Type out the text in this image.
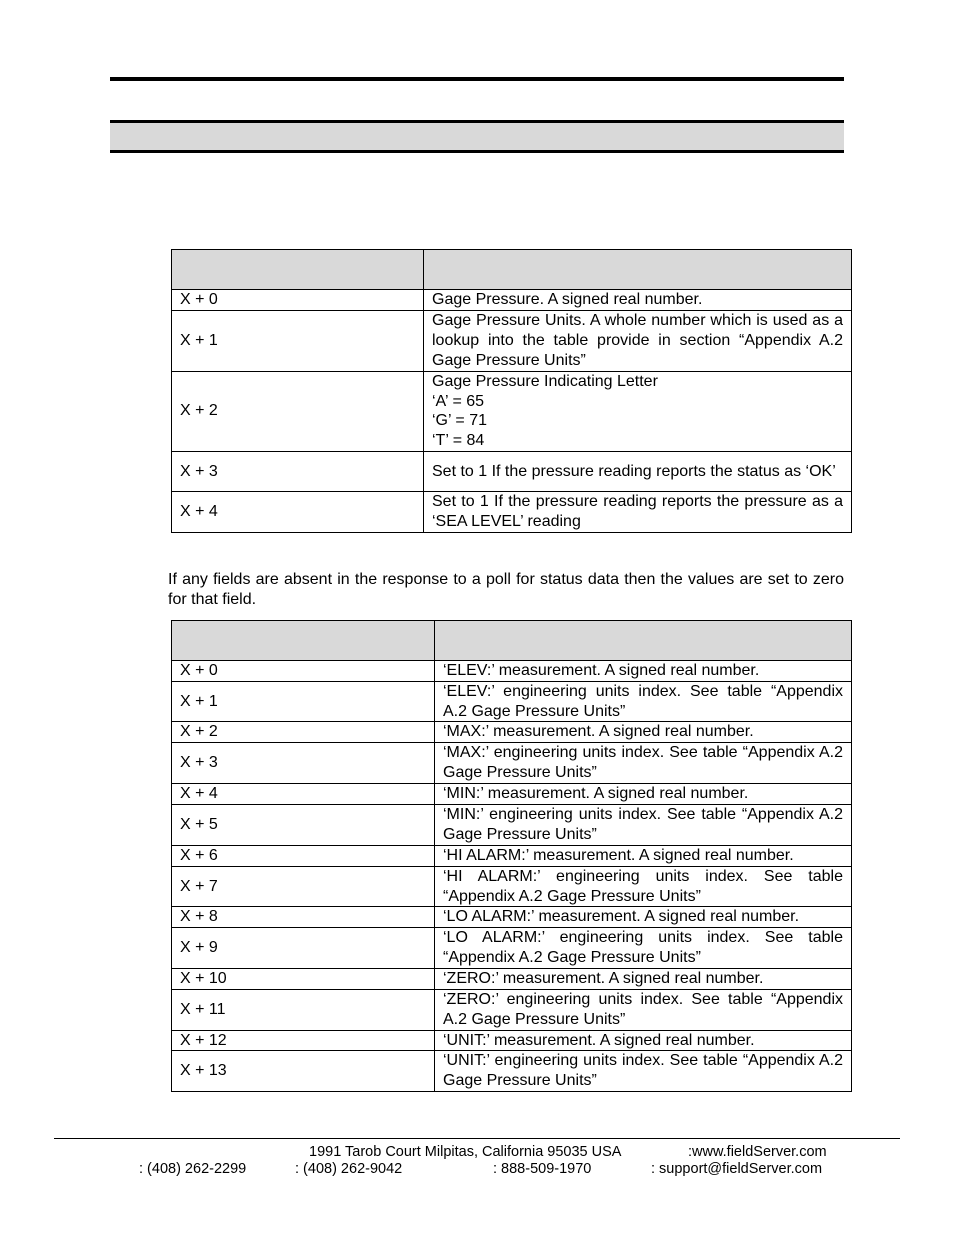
X + 0	Gage Pressure. A signed real number.

X + 1	Gage Pressure Units. A whole number which is used as a lookup into the table provide in section “Appendix A.2 Gage Pressure Units”

X + 2	Gage Pressure Indicating Letter
‘A’ = 65
‘G’ = 71
‘T’ = 84

X + 3	Set to 1 If the pressure reading reports the status as ‘OK’

X + 4	Set to 1 If the pressure reading reports the pressure as a ‘SEA LEVEL’ reading
If any fields are absent in the response to a poll for status data then the values are set to zero for that field.

X + 0	‘ELEV:’ measurement. A signed real number.

X + 1	‘ELEV:’ engineering units index. See table “Appendix A.2 Gage Pressure Units”

X + 2	‘MAX:’ measurement. A signed real number.

X + 3	‘MAX:’ engineering units index. See table “Appendix A.2 Gage Pressure Units”

X + 4	‘MIN:’ measurement. A signed real number.

X + 5	‘MIN:’ engineering units index. See table “Appendix A.2 Gage Pressure Units”

X + 6	‘HI ALARM:’ measurement. A signed real number.

X + 7	‘HI ALARM:’ engineering units index. See table “Appendix A.2 Gage Pressure Units”

X + 8	‘LO ALARM:’ measurement. A signed real number.

X + 9	‘LO ALARM:’ engineering units index. See table “Appendix A.2 Gage Pressure Units”

X + 10	‘ZERO:’ measurement. A signed real number.

X + 11	‘ZERO:’ engineering units index. See table “Appendix A.2 Gage Pressure Units”

X + 12	‘UNIT:’ measurement. A signed real number.

X + 13	‘UNIT:’ engineering units index. See table “Appendix A.2 Gage Pressure Units”
1991 Tarob Court Milpitas, California 95035 USA	:www.fieldServer.com
: (408) 262-2299	: (408) 262-9042	: 888-509-1970	: support@fieldServer.com
